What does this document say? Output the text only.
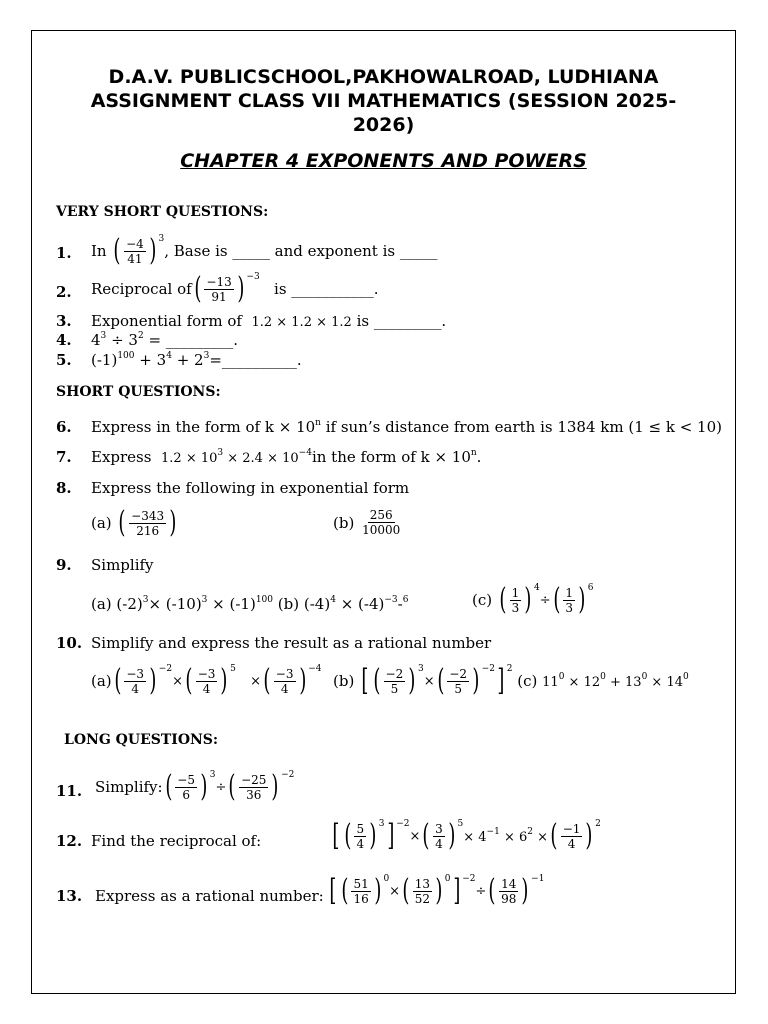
D.A.V. PUBLICSCHOOL,PAKHOWALROAD, LUDHIANA
ASSIGNMENT CLASS VII MATHEMATICS (SESSION 2025-
2026)
CHAPTER 4 EXPONENTS AND POWERS
VERY SHORT QUESTIONS:
1. In
( $\frac{-4}{41}$ ) 3
, Base is _____ and exponent is _____
2. Reciprocal of ( $\frac{-13}{91}$ ) −3

is ___________.
3. Exponential form of 1.2 × 1.2 × 1.2 is _________.
4. $4^3 \div 3^2$ = _________.
5. $(-1)^{100} + 3^4$ + $2^3=\_\_\_\_\_\_\_\_\_\_$.
SHORT QUESTIONS:
6. Express in the form of $k \times 10^n$ if sun’s distance from earth is 1384 km (1 ≤ k < 10)
7. Express $1.2 \times 10^3 \times 2.4 \times 10^{-4}in$ the form of $k \times 10^n$.
8. Express the following in exponential form
(a)
( $\frac{-343}{216}$ )	(b)
$\frac{256}{10000}$
9. Simplify
(a) $(-2)^3\times (-10)^3 \times (-1)^{100}$ (b) $(-4)^4 \times (-4)^{-3}-^6$	(c)
( $\frac{1}{3}$ ) 4
÷ ( $\frac{1}{3}$ ) 6
10. Simplify and express the result as a rational number
(a) ( $\frac{-3}{4}$ ) −2
× ( $\frac{-3}{4}$ ) 5

× ( $\frac{-3}{4}$ ) −4
(b)
[ ( $\frac{-2}{5}$ ) 3
× ( $\frac{-2}{5}$ ) −2 ] 2

(c)
$11^0 \times 12^0 + 13^0 \times 14^0$
LONG QUESTIONS:
11. Simplify: ( $\frac{-5}{6}$ ) 3
÷ ( $\frac{-25}{36}$ ) −2
12. Find the reciprocal of: [ ( $\frac{5}{4}$ ) 3 ] −2
× ( $\frac{3}{4}$ ) 5
× $4^{-1} \times 6^2$ × ( $\frac{-1}{4}$ ) 2
13. Express as a rational number: [ ( $\frac{51}{16}$ ) 0
× ( $\frac{13}{52}$ ) 0 ] −2
÷ ( $\frac{14}{98}$ ) −1
